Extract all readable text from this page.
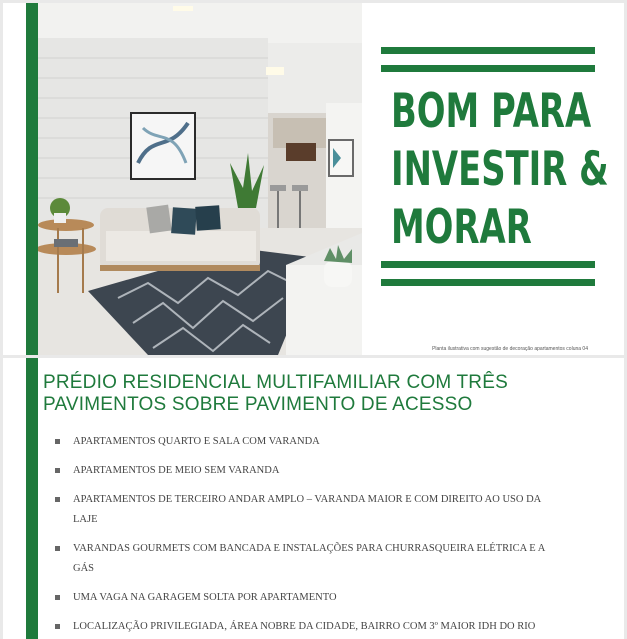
BOM PARA
INVESTIR &
MORAR
Planta ilustrativa com sugestão de decoração apartamentos coluna 04
PRÉDIO RESIDENCIAL MULTIFAMILIAR COM TRÊS
PAVIMENTOS SOBRE PAVIMENTO DE ACESSO
APARTAMENTOS QUARTO E SALA COM VARANDA
APARTAMENTOS DE MEIO SEM VARANDA
APARTAMENTOS DE TERCEIRO ANDAR AMPLO – VARANDA MAIOR E COM DIREITO AO USO DA LAJE
VARANDAS GOURMETS COM BANCADA E INSTALAÇÕES PARA CHURRASQUEIRA ELÉTRICA E A GÁS
UMA VAGA NA GARAGEM SOLTA POR APARTAMENTO
LOCALIZAÇÃO PRIVILEGIADA, ÁREA NOBRE DA CIDADE, BAIRRO COM 3º MAIOR IDH DO RIO
